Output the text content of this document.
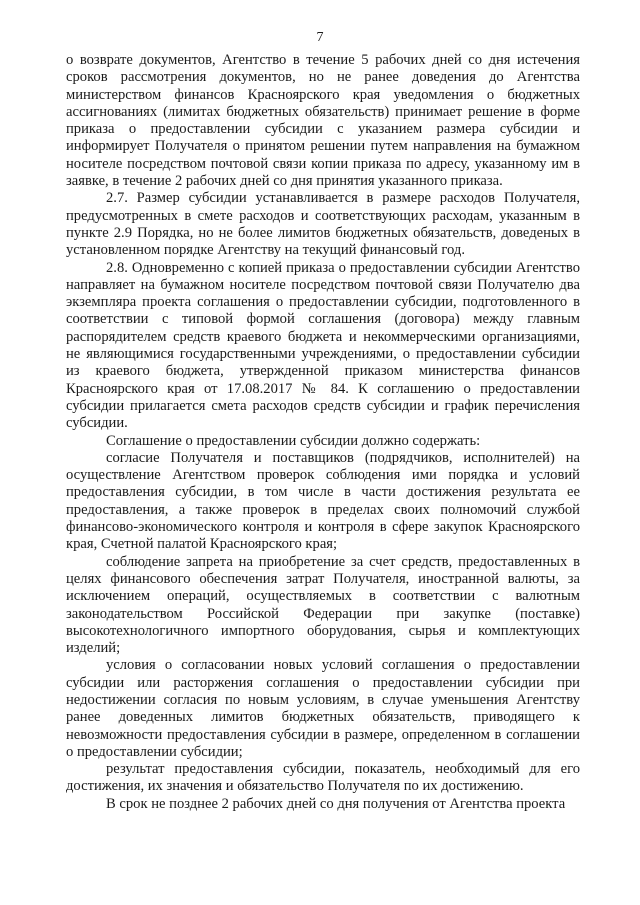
7

о возврате документов, Агентство в течение 5 рабочих дней со дня истечения сроков рассмотрения документов, но не ранее доведения до Агентства министерством финансов Красноярского края уведомления о бюджетных ассигнованиях (лимитах бюджетных обязательств) принимает решение в форме приказа о предоставлении субсидии с указанием размера субсидии и информирует Получателя о принятом решении путем направления на бумажном носителе посредством почтовой связи копии приказа по адресу, указанному им в заявке, в течение 2 рабочих дней со дня принятия указанного приказа.

2.7. Размер субсидии устанавливается в размере расходов Получателя, предусмотренных в смете расходов и соответствующих расходам, указанным в пункте 2.9 Порядка, но не более лимитов бюджетных обязательств, доведеных в установленном порядке Агентству на текущий финансовый год.

2.8. Одновременно с копией приказа о предоставлении субсидии Агентство направляет на бумажном носителе посредством почтовой связи Получателю два экземпляра проекта соглашения о предоставлении субсидии, подготовленного в соответствии с типовой формой соглашения (договора) между главным распорядителем средств краевого бюджета и некоммерческими организациями, не являющимися государственными учреждениями, о предоставлении субсидии из краевого бюджета, утвержденной приказом министерства финансов Красноярского края от 17.08.2017 № 84. К соглашению о предоставлении субсидии прилагается смета расходов средств субсидии и график перечисления субсидии.

Соглашение о предоставлении субсидии должно содержать:

согласие Получателя и поставщиков (подрядчиков, исполнителей) на осуществление Агентством проверок соблюдения ими порядка и условий предоставления субсидии, в том числе в части достижения результата ее предоставления, а также проверок в пределах своих полномочий службой финансово-экономического контроля и контроля в сфере закупок Красноярского края, Счетной палатой Красноярского края;

соблюдение запрета на приобретение за счет средств, предоставленных в целях финансового обеспечения затрат Получателя, иностранной валюты, за исключением операций, осуществляемых в соответствии с валютным законодательством Российской Федерации при закупке (поставке) высокотехнологичного импортного оборудования, сырья и комплектующих изделий;

условия о согласовании новых условий соглашения о предоставлении субсидии или расторжения соглашения о предоставлении субсидии при недостижении согласия по новым условиям, в случае уменьшения Агентству ранее доведенных лимитов бюджетных обязательств, приводящего к невозможности предоставления субсидии в размере, определенном в соглашении о предоставлении субсидии;

результат предоставления субсидии, показатель, необходимый для его достижения, их значения и обязательство Получателя по их достижению.

В срок не позднее 2 рабочих дней со дня получения от Агентства проекта
